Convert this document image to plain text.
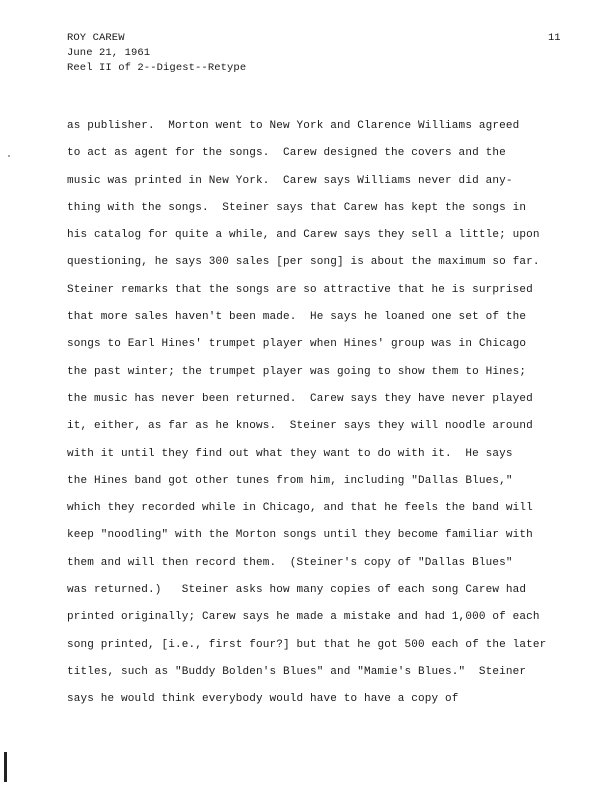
ROY CAREW
June 21, 1961
Reel II of 2--Digest--Retype
11
as publisher.  Morton went to New York and Clarence Williams agreed
to act as agent for the songs.  Carew designed the covers and the
music was printed in New York.  Carew says Williams never did any-
thing with the songs.  Steiner says that Carew has kept the songs in
his catalog for quite a while, and Carew says they sell a little; upon
questioning, he says 300 sales [per song] is about the maximum so far.
Steiner remarks that the songs are so attractive that he is surprised
that more sales haven't been made.  He says he loaned one set of the
songs to Earl Hines' trumpet player when Hines' group was in Chicago
the past winter; the trumpet player was going to show them to Hines;
the music has never been returned.  Carew says they have never played
it, either, as far as he knows.  Steiner says they will noodle around
with it until they find out what they want to do with it.  He says
the Hines band got other tunes from him, including "Dallas Blues,"
which they recorded while in Chicago, and that he feels the band will
keep "noodling" with the Morton songs until they become familiar with
them and will then record them.  (Steiner's copy of "Dallas Blues"
was returned.)   Steiner asks how many copies of each song Carew had
printed originally; Carew says he made a mistake and had 1,000 of each
song printed, [i.e., first four?] but that he got 500 each of the later
titles, such as "Buddy Bolden's Blues" and "Mamie's Blues."  Steiner
says he would think everybody would have to have a copy of
